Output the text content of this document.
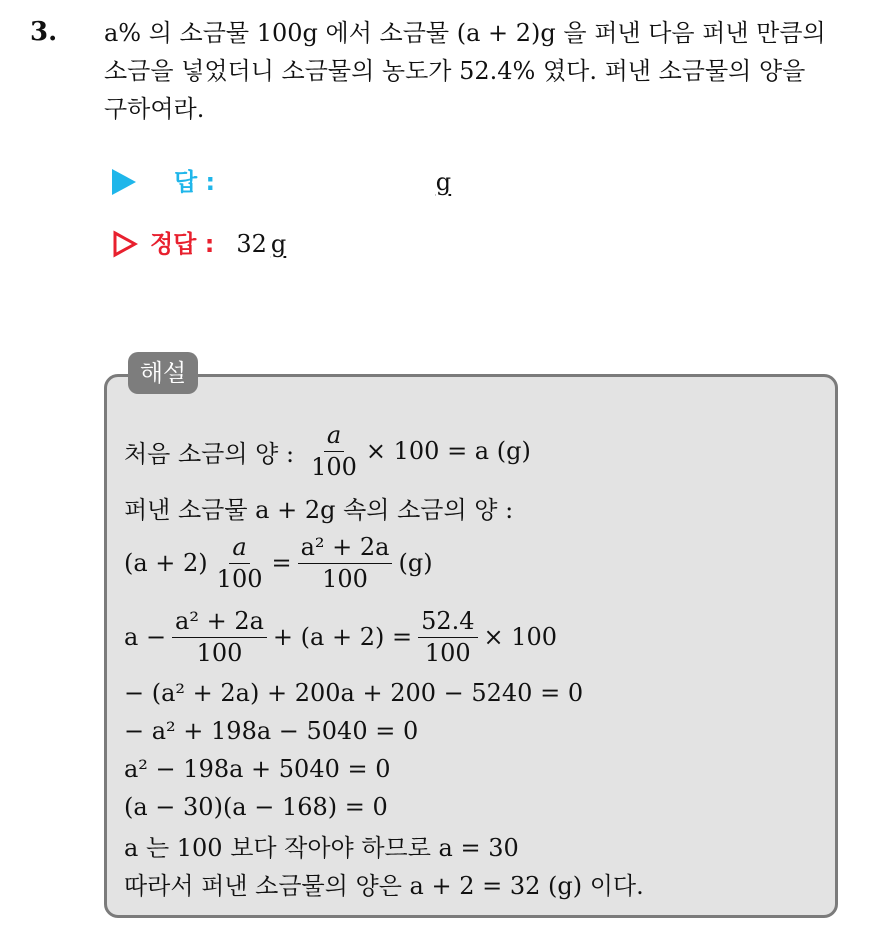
3. a% 의 소금물 100g 에서 소금물 (a + 2)g 을 퍼낸 다음 퍼낸 만큼의

소금을 넣었더니 소금물의 농도가 52.4% 였다. 퍼낸 소금물의 양을

구하여라.

답 :	g
정답 : 32 g
해설
처음 소금의 양 : $\frac{a}{100} \times 100 = a$ (g)
퍼낸 소금물 a + 2g 속의 소금의 양 :
$(a + 2) \frac{a}{100} = \frac{\text{a² + 2a}}{100} (g)$
$a - \frac{\text{a² + 2a}}{100} + (a + 2) = \frac{52.4}{100} \times 100$
− (a² + 2a) + 200a + 200 − 5240 = 0
− a² + 198a − 5040 = 0
a² − 198a + 5040 = 0
(a − 30)(a − 168) = 0
a 는 100 보다 작아야 하므로 a = 30
따라서 퍼낸 소금물의 양은 a + 2 = 32 (g) 이다.
